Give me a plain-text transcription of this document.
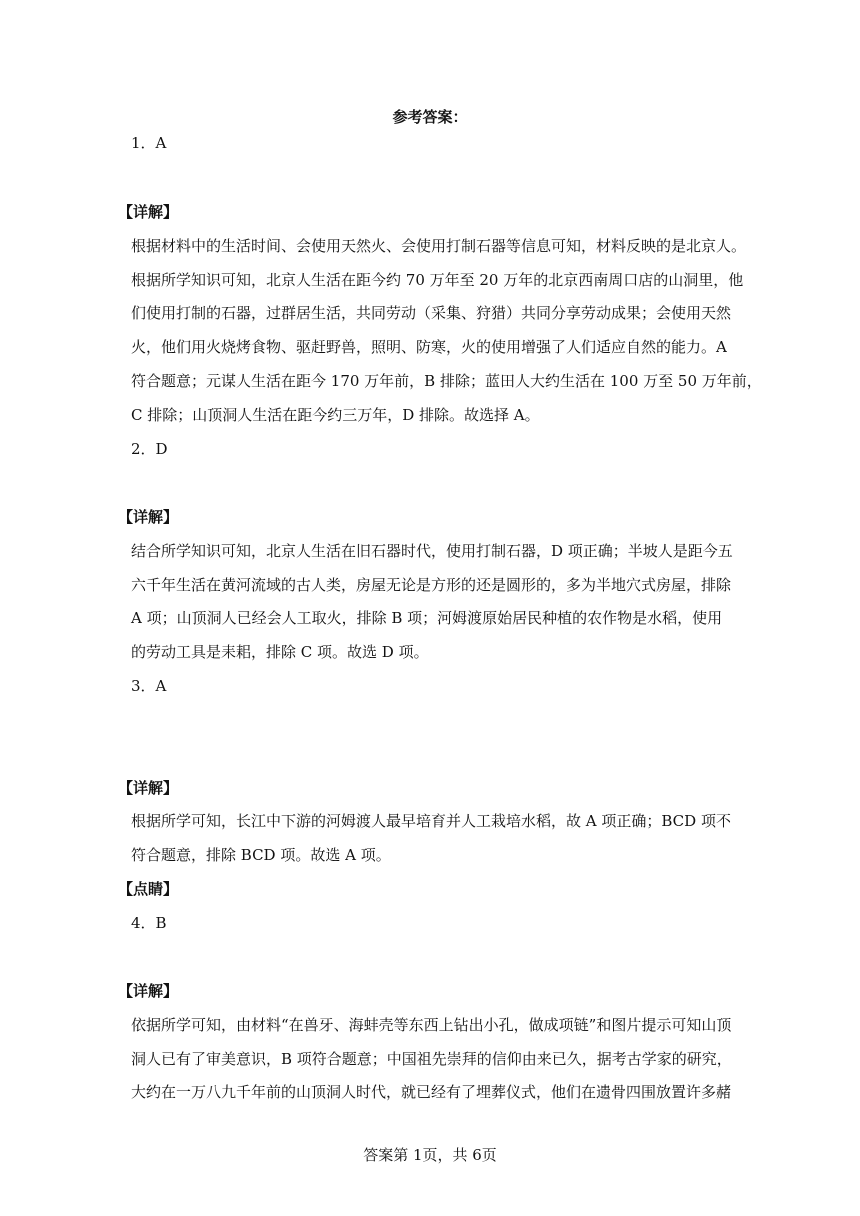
参考答案：
1．A
【详解】
根据材料中的生活时间、会使用天然火、会使用打制石器等信息可知，材料反映的是北京人。
根据所学知识可知，北京人生活在距今约 70 万年至 20 万年的北京西南周口店的山洞里，他
们使用打制的石器，过群居生活，共同劳动（采集、狩猎）共同分享劳动成果；会使用天然
火，他们用火烧烤食物、驱赶野兽，照明、防寒，火的使用增强了人们适应自然的能力。A
符合题意；元谋人生活在距今 170 万年前，B 排除；蓝田人大约生活在 100 万至 50 万年前，
C 排除；山顶洞人生活在距今约三万年，D 排除。故选择 A。
2．D
【详解】
结合所学知识可知，北京人生活在旧石器时代，使用打制石器，D 项正确；半坡人是距今五
六千年生活在黄河流域的古人类，房屋无论是方形的还是圆形的，多为半地穴式房屋，排除
A 项；山顶洞人已经会人工取火，排除 B 项；河姆渡原始居民种植的农作物是水稻，使用
的劳动工具是耒耜，排除 C 项。故选 D 项。
3．A
【详解】
根据所学可知，长江中下游的河姆渡人最早培育并人工栽培水稻，故 A 项正确；BCD 项不
符合题意，排除 BCD 项。故选 A 项。
【点睛】
4．B
【详解】
依据所学可知，由材料“在兽牙、海蚌壳等东西上钻出小孔，做成项链”和图片提示可知山顶
洞人已有了审美意识，B 项符合题意；中国祖先崇拜的信仰由来已久，据考古学家的研究，
大约在一万八九千年前的山顶洞人时代，就已经有了埋葬仪式，他们在遗骨四围放置许多赭
答案第 1页，共 6页
